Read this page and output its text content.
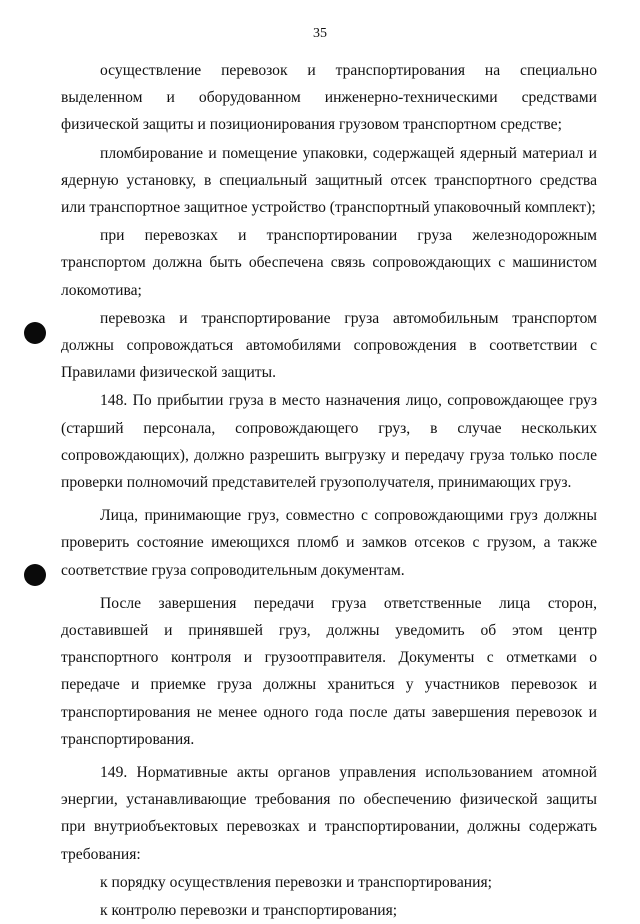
35

осуществление перевозок и транспортирования на специально выделенном и оборудованном инженерно-техническими средствами физической защиты и позиционирования грузовом транспортном средстве;

пломбирование и помещение упаковки, содержащей ядерный материал и ядерную установку, в специальный защитный отсек транспортного средства или транспортное защитное устройство (транспортный упаковочный комплект);

при перевозках и транспортировании груза железнодорожным транспортом должна быть обеспечена связь сопровождающих с машинистом локомотива;

перевозка и транспортирование груза автомобильным транспортом должны сопровождаться автомобилями сопровождения в соответствии с Правилами физической защиты.

148. По прибытии груза в место назначения лицо, сопровождающее груз (старший персонала, сопровождающего груз, в случае нескольких сопровождающих), должно разрешить выгрузку и передачу груза только после проверки полномочий представителей грузополучателя, принимающих груз.

Лица, принимающие груз, совместно с сопровождающими груз должны проверить состояние имеющихся пломб и замков отсеков с грузом, а также соответствие груза сопроводительным документам.

После завершения передачи груза ответственные лица сторон, доставившей и принявшей груз, должны уведомить об этом центр транспортного контроля и грузоотправителя. Документы с отметками о передаче и приемке груза должны храниться у участников перевозок и транспортирования не менее одного года после даты завершения перевозок и транспортирования.

149. Нормативные акты органов управления использованием атомной энергии, устанавливающие требования по обеспечению физической защиты при внутриобъектовых перевозках и транспортировании, должны содержать требования:

к порядку осуществления перевозки и транспортирования;

к контролю перевозки и транспортирования;
